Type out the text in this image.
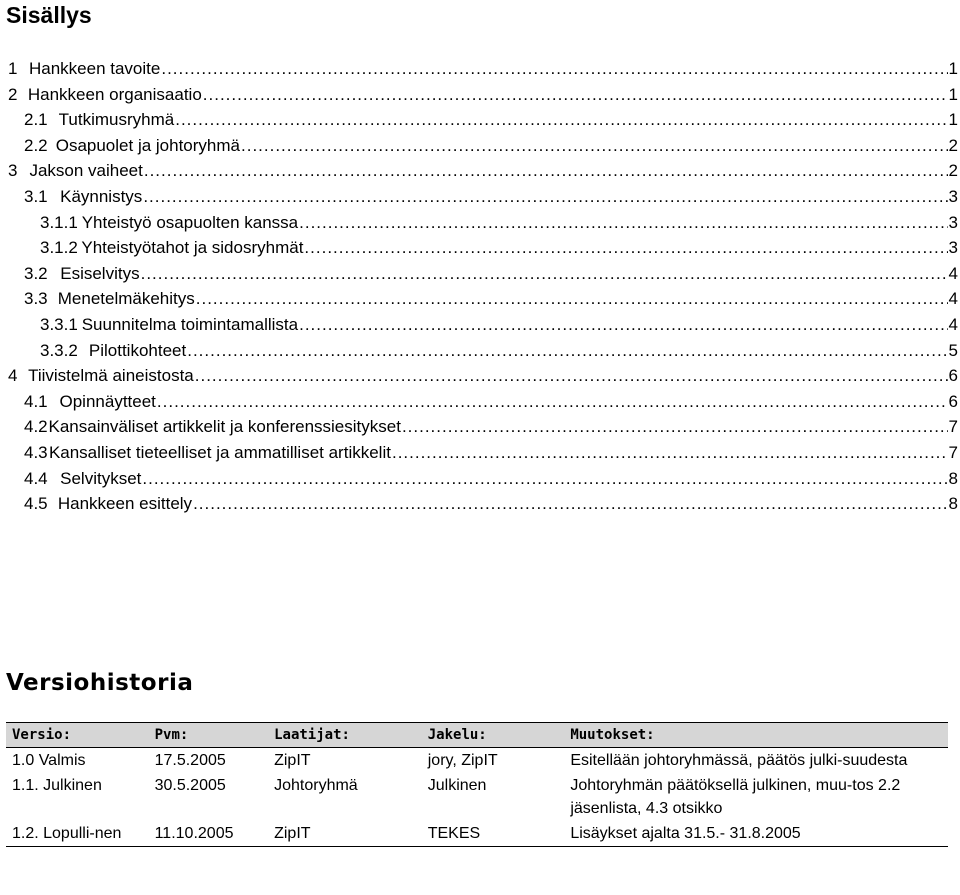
Sisällys
1 Hankkeen tavoite .....	1
2 Hankkeen organisaatio .....	1
2.1 Tutkimusryhmä .....	1
2.2 Osapuolet ja johtoryhmä .....	2
3 Jakson vaiheet .....	2
3.1 Käynnistys .....	3
3.1.1 Yhteistyö osapuolten kanssa .....	3
3.1.2 Yhteistyötahot ja sidosryhmät .....	3
3.2 Esiselvitys .....	4
3.3 Menetelmäkehitys .....	4
3.3.1 Suunnitelma toimintamallista .....	4
3.3.2 Pilottikohteet .....	5
4 Tiivistelmä aineistosta .....	6
4.1 Opinnäytteet .....	6
4.2 Kansainväliset artikkelit ja konferenssiesitykset .....	7
4.3 Kansalliset tieteelliset ja ammatilliset artikkelit .....	7
4.4 Selvitykset .....	8
4.5 Hankkeen esittely .....	8
Versiohistoria
Versio:	Pvm:	Laatijat:	Jakelu:	Muutokset:
1.0 Valmis	17.5.2005	ZipIT	jory, ZipIT	Esitellään johtoryhmässä, päätös julki-suudesta
1.1. Julkinen	30.5.2005	Johtoryhmä	Julkinen	Johtoryhmän päätöksellä julkinen, muu-tos 2.2 jäsenlista, 4.3 otsikko
1.2. Lopulli-nen	11.10.2005	ZipIT	TEKES	Lisäykset ajalta 31.5.- 31.8.2005
